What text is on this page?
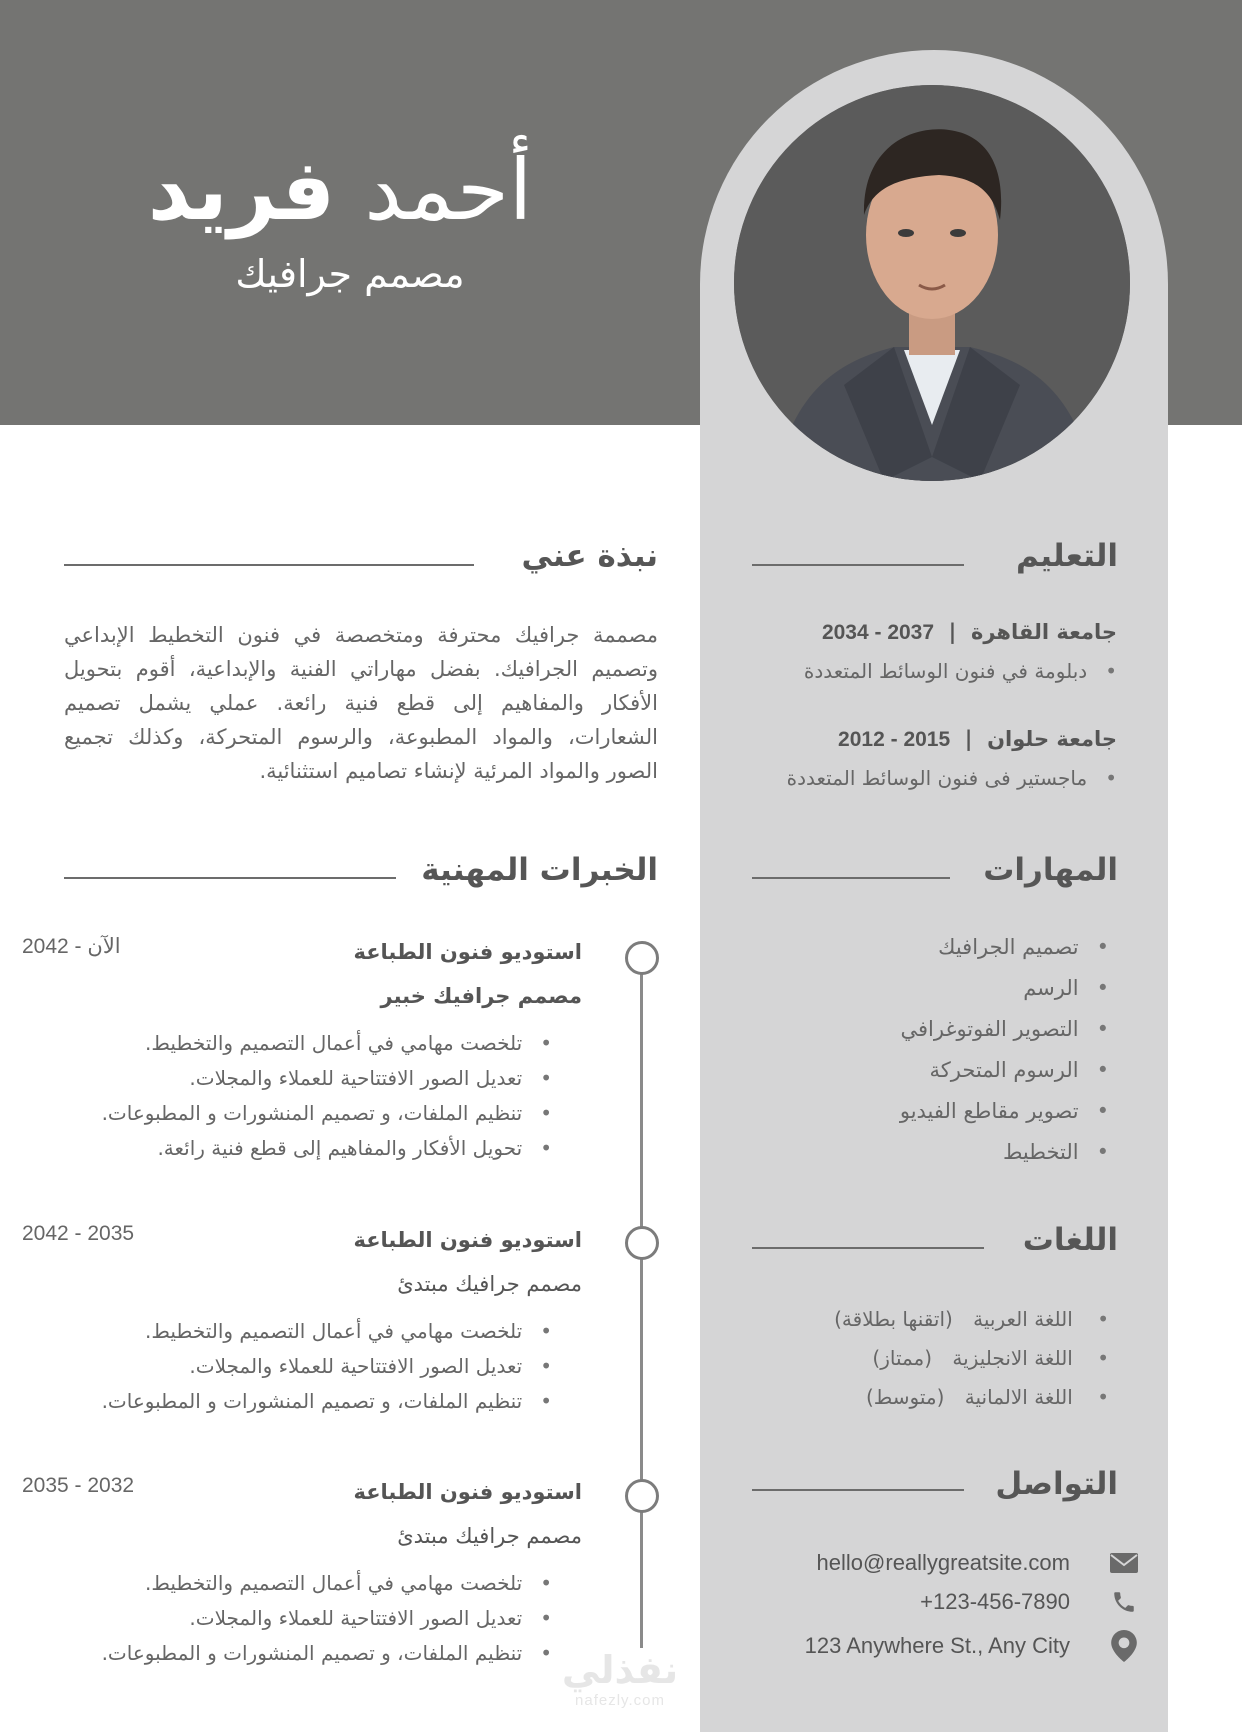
أحمد فريد
مصمم جرافيك
نبذة عني

مصممة جرافيك محترفة ومتخصصة في فنون التخطيط الإبداعي وتصميم الجرافيك. بفضل مهاراتي الفنية والإبداعية، أقوم بتحويل الأفكار والمفاهيم إلى قطع فنية رائعة. عملي يشمل تصميم الشعارات، والمواد المطبوعة، والرسوم المتحركة، وكذلك تجميع الصور والمواد المرئية لإنشاء تصاميم استثنائية.

الخبرات المهنية
استوديو فنون الطباعة
2042 - الآن
مصمم جرافيك خبير
• تلخصت مهامي في أعمال التصميم والتخطيط.
• تعديل الصور الافتتاحية للعملاء والمجلات.
• تنظيم الملفات، و تصميم المنشورات و المطبوعات.
• تحويل الأفكار والمفاهيم إلى قطع فنية رائعة.
استوديو فنون الطباعة
2042 - 2035
مصمم جرافيك مبتدئ
• تلخصت مهامي في أعمال التصميم والتخطيط.
• تعديل الصور الافتتاحية للعملاء والمجلات.
• تنظيم الملفات، و تصميم المنشورات و المطبوعات.
استوديو فنون الطباعة
2035 - 2032
مصمم جرافيك مبتدئ
• تلخصت مهامي في أعمال التصميم والتخطيط.
• تعديل الصور الافتتاحية للعملاء والمجلات.
• تنظيم الملفات، و تصميم المنشورات و المطبوعات.
التعليم
جامعة القاهرة  |  2037 - 2034
• دبلومة في فنون الوسائط المتعددة
جامعة حلوان  |  2015 - 2012
• ماجستير فى فنون الوسائط المتعددة
المهارات
• تصميم الجرافيك
• الرسم
• التصوير الفوتوغرافي
• الرسوم المتحركة
• تصوير مقاطع الفيديو
• التخطيط
اللغات
• اللغة العربية (اتقنها بطلاقة)
• اللغة الانجليزية (ممتاز)
• اللغة الالمانية (متوسط)
التواصل
hello@reallygreatsite.com
+123-456-7890
123 Anywhere St., Any City
نفذلي
nafezly.com
